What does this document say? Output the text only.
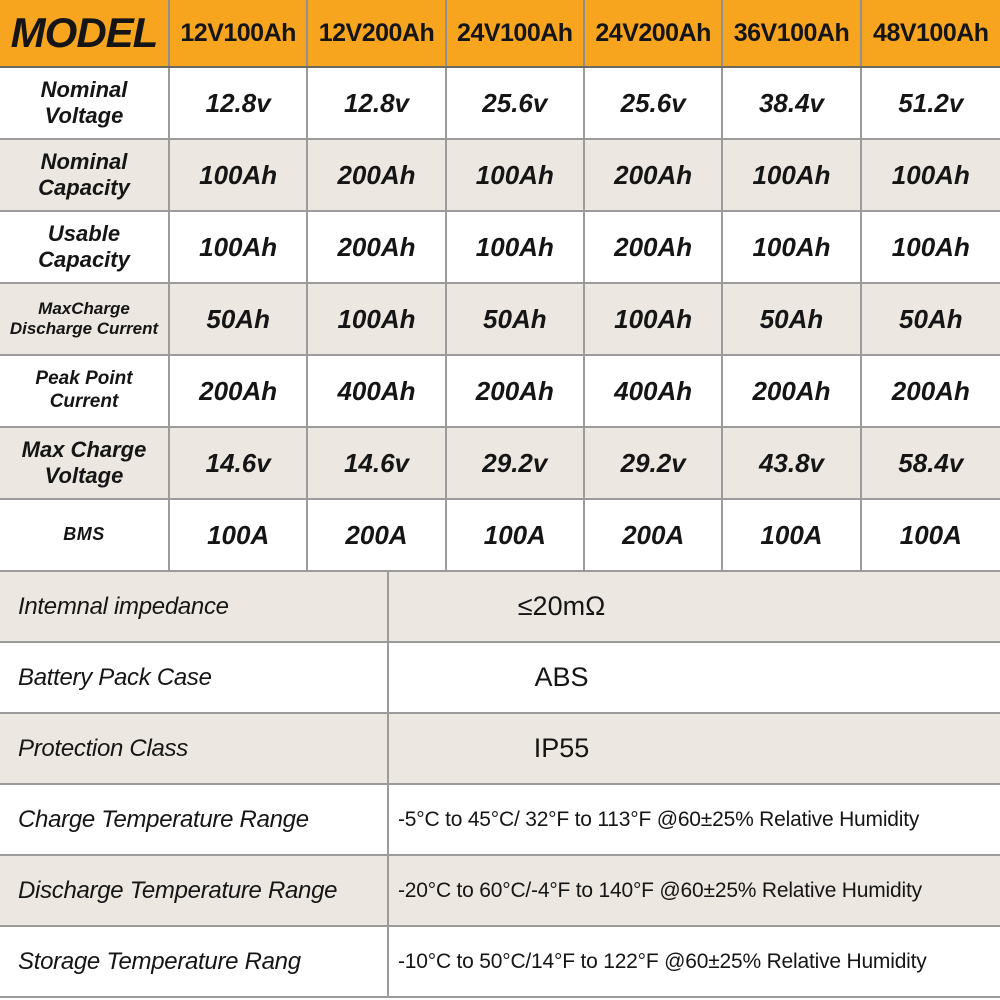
MODEL 12V100Ah 12V200Ah 24V100Ah 24V200Ah 36V100Ah 48V100Ah
Nominal Voltage	12.8v	12.8v	25.6v	25.6v	38.4v	51.2v
Nominal Capacity	100Ah	200Ah	100Ah	200Ah	100Ah	100Ah
Usable Capacity	100Ah	200Ah	100Ah	200Ah	100Ah	100Ah
MaxCharge Discharge Current	50Ah	100Ah	50Ah	100Ah	50Ah	50Ah
Peak Point Current	200Ah	400Ah	200Ah	400Ah	200Ah	200Ah
Max Charge Voltage	14.6v	14.6v	29.2v	29.2v	43.8v	58.4v
BMS	100A	200A	100A	200A	100A	100A
Intemnal impedance	≤20mΩ
Battery Pack Case	ABS
Protection Class	IP55
Charge Temperature Range	-5°C to 45°C/ 32°F to 113°F @60±25% Relative Humidity
Discharge Temperature Range	-20°C to 60°C/-4°F to 140°F @60±25% Relative Humidity
Storage Temperature Rang	-10°C to 50°C/14°F to 122°F @60±25% Relative Humidity
